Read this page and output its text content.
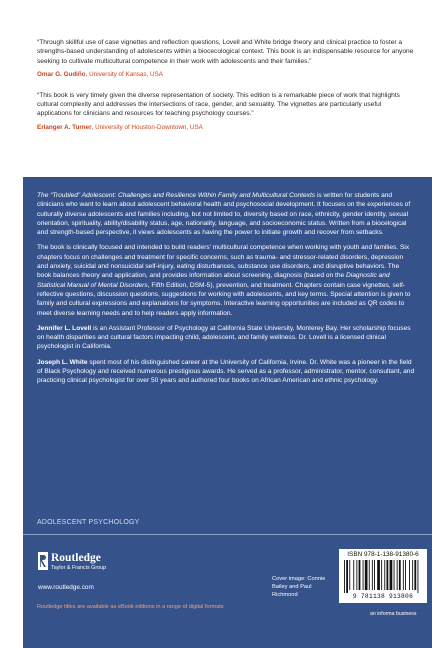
“Through skillful use of case vignettes and reflection questions, Lovell and White bridge theory and clinical practice to foster a strengths-based understanding of adolescents within a biocecological context. This book is an indispensable resource for anyone seeking to cultivate multicultural competence in their work with adolescents and their families.”

Omar G. Gudiño, University of Kansas, USA

“This book is very timely given the diverse representation of society. This edition is a remarkable piece of work that highlights cultural complexity and addresses the intersections of race, gender, and sexuality. The vignettes are particularly useful applications for clinicians and resources for teaching psychology courses.”

Erlanger A. Turner, University of Houston-Downtown, USA

The “Troubled” Adolescent: Challenges and Resilience Within Family and Multicultural Contexts is written for students and clinicians who want to learn about adolescent behavioral health and psychosocial development. It focuses on the experiences of culturally diverse adolescents and families including, but not limited to, diversity based on race, ethnicity, gender identity, sexual orientation, spirituality, ability/disability status, age, nationality, language, and socioeconomic status. Written from a biocelogical and strength-based perspective, it views adolescents as having the power to initiate growth and recover from setbacks.

The book is clinically focused and intended to build readers’ multicultural competence when working with youth and families. Six chapters focus on challenges and treatment for specific concerns, such as trauma- and stressor-related disorders, depression and anxiety, suicidal and nonsuicidal self-injury, eating disturbances, substance use disorders, and disruptive behaviors. The book balances theory and application, and provides information about screening, diagnosis (based on the Diagnostic and Statistical Manual of Mental Disorders, Fifth Edition, DSM-5), prevention, and treatment. Chapters contain case vignettes, self-reflective questions, discussion questions, suggestions for working with adolescents, and key terms. Special attention is given to family and cultural expressions and explanations for symptoms. Interactive learning opportunities are included as QR codes to meet diverse learning needs and to help readers apply information.

Jennifer L. Lovell is an Assistant Professor of Psychology at California State University, Monterey Bay. Her scholarship focuses on health disparities and cultural factors impacting child, adolescent, and family wellness. Dr. Lovell is a licensed clinical psychologist in California.

Joseph L. White spent most of his distinguished career at the University of California, Irvine. Dr. White was a pioneer in the field of Black Psychology and received numerous prestigious awards. He served as a professor, administrator, mentor, consultant, and practicing clinical psychologist for over 50 years and authored four books on African American and ethnic psychology.

ADOLESCENT PSYCHOLOGY
Routledge
Taylor & Francis Group
www.routledge.com
Routledge titles are available as eBook editions in a range of digital formats
Cover image: Connie Bailey and Paul Richmond
ISBN 978-1-138-91380-6
9 781138 913806
an informa business
